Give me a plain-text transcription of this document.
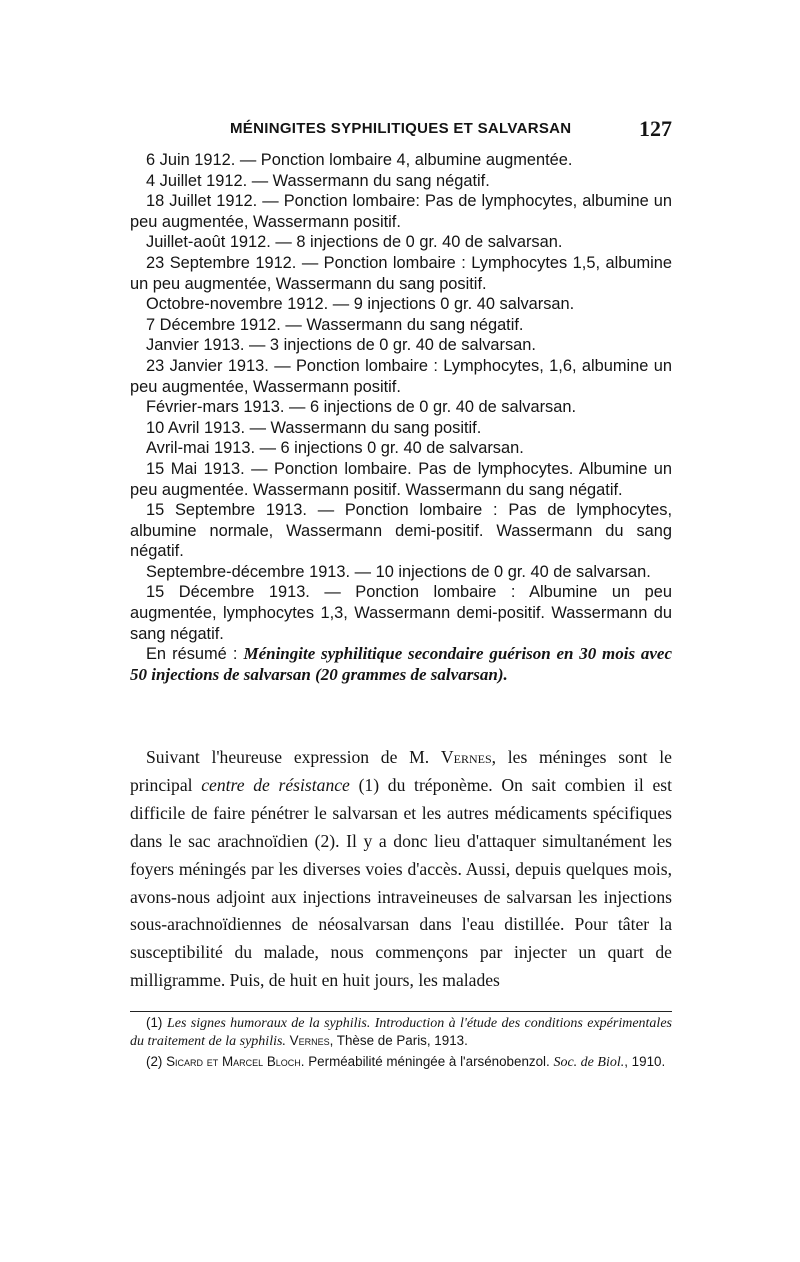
MÉNINGITES SYPHILITIQUES ET SALVARSAN	127

6 Juin 1912. — Ponction lombaire 4, albumine augmentée.

4 Juillet 1912. — Wassermann du sang négatif.

18 Juillet 1912. — Ponction lombaire: Pas de lymphocytes, albumine un peu augmentée, Wassermann positif.

Juillet-août 1912. — 8 injections de 0 gr. 40 de salvarsan.

23 Septembre 1912. — Ponction lombaire : Lymphocytes 1,5, albumine un peu augmentée, Wassermann du sang positif.

Octobre-novembre 1912. — 9 injections 0 gr. 40 salvarsan.

7 Décembre 1912. — Wassermann du sang négatif.

Janvier 1913. — 3 injections de 0 gr. 40 de salvarsan.

23 Janvier 1913. — Ponction lombaire : Lymphocytes, 1,6, albumine un peu augmentée, Wassermann positif.

Février-mars 1913. — 6 injections de 0 gr. 40 de salvarsan.

10 Avril 1913. — Wassermann du sang positif.

Avril-mai 1913. — 6 injections 0 gr. 40 de salvarsan.

15 Mai 1913. — Ponction lombaire. Pas de lymphocytes. Albumine un peu augmentée. Wassermann positif. Wassermann du sang négatif.

15 Septembre 1913. — Ponction lombaire : Pas de lymphocytes, albumine normale, Wassermann demi-positif. Wassermann du sang négatif.

Septembre-décembre 1913. — 10 injections de 0 gr. 40 de salvarsan.

15 Décembre 1913. — Ponction lombaire : Albumine un peu augmentée, lymphocytes 1,3, Wassermann demi-positif. Wassermann du sang négatif.

En résumé : Méningite syphilitique secondaire guérison en 30 mois avec 50 injections de salvarsan (20 grammes de salvarsan).

Suivant l'heureuse expression de M. Vernes, les méninges sont le principal centre de résistance (1) du tréponème. On sait combien il est difficile de faire pénétrer le salvarsan et les autres médicaments spécifiques dans le sac arachnoïdien (2). Il y a donc lieu d'attaquer simultanément les foyers méningés par les diverses voies d'accès. Aussi, depuis quelques mois, avons-nous adjoint aux injections intraveineuses de salvarsan les injections sous-arachnoïdiennes de néosalvarsan dans l'eau distillée. Pour tâter la susceptibilité du malade, nous commençons par injecter un quart de milligramme. Puis, de huit en huit jours, les malades

(1) Les signes humoraux de la syphilis. Introduction à l'étude des conditions expérimentales du traitement de la syphilis. Vernes, Thèse de Paris, 1913.

(2) Sicard et Marcel Bloch. Perméabilité méningée à l'arsénobenzol. Soc. de Biol., 1910.
